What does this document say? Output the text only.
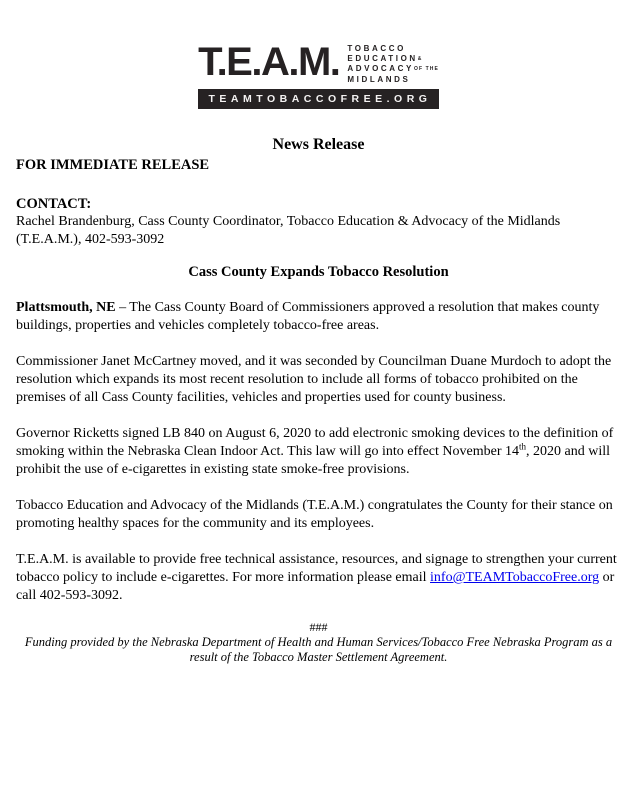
T.E.A.M. TOBACCO
EDUCATION&
ADVOCACYOF THE
MIDLANDS
TEAMTOBACCOFREE.ORG
News Release
FOR IMMEDIATE RELEASE
CONTACT:

Rachel Brandenburg, Cass County Coordinator, Tobacco Education & Advocacy of the Midlands (T.E.A.M.), 402-593-3092

Cass County Expands Tobacco Resolution

Plattsmouth, NE – The Cass County Board of Commissioners approved a resolution that makes county buildings, properties and vehicles completely tobacco-free areas.

Commissioner Janet McCartney moved, and it was seconded by Councilman Duane Murdoch to adopt the resolution which expands its most recent resolution to include all forms of tobacco prohibited on the premises of all Cass County facilities, vehicles and properties used for county business.

Governor Ricketts signed LB 840 on August 6, 2020 to add electronic smoking devices to the definition of smoking within the Nebraska Clean Indoor Act. This law will go into effect November 14th, 2020 and will prohibit the use of e-cigarettes in existing state smoke-free provisions.

Tobacco Education and Advocacy of the Midlands (T.E.A.M.) congratulates the County for their stance on promoting healthy spaces for the community and its employees.

T.E.A.M. is available to provide free technical assistance, resources, and signage to strengthen your current tobacco policy to include e-cigarettes. For more information please email info@TEAMTobaccoFree.org or call 402-593-3092.

###

Funding provided by the Nebraska Department of Health and Human Services/Tobacco Free Nebraska Program as a result of the Tobacco Master Settlement Agreement.
